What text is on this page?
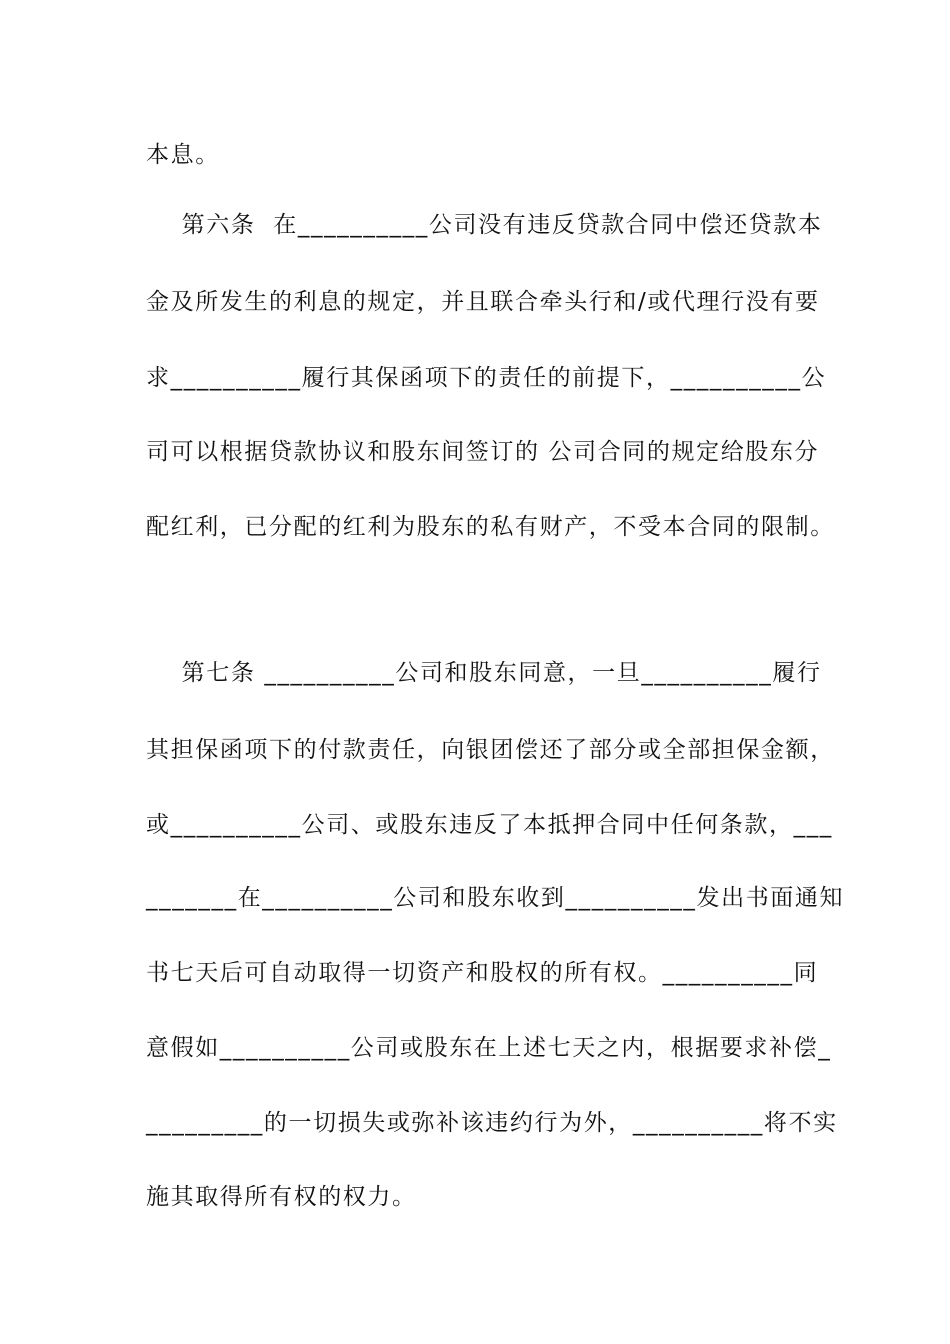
本息。
第六条  在__________公司没有违反贷款合同中偿还贷款本
金及所发生的利息的规定，并且联合牵头行和/或代理行没有要
求__________履行其保函项下的责任的前提下，__________公
司可以根据贷款协议和股东间签订的 公司合同的规定给股东分
配红利，已分配的红利为股东的私有财产，不受本合同的限制。
第七条 __________公司和股东同意，一旦__________履行
其担保函项下的付款责任，向银团偿还了部分或全部担保金额，
或__________公司、或股东违反了本抵押合同中任何条款，___
_______在__________公司和股东收到__________发出书面通知
书七天后可自动取得一切资产和股权的所有权。__________同
意假如__________公司或股东在上述七天之内，根据要求补偿_
_________的一切损失或弥补该违约行为外，__________将不实
施其取得所有权的权力。
